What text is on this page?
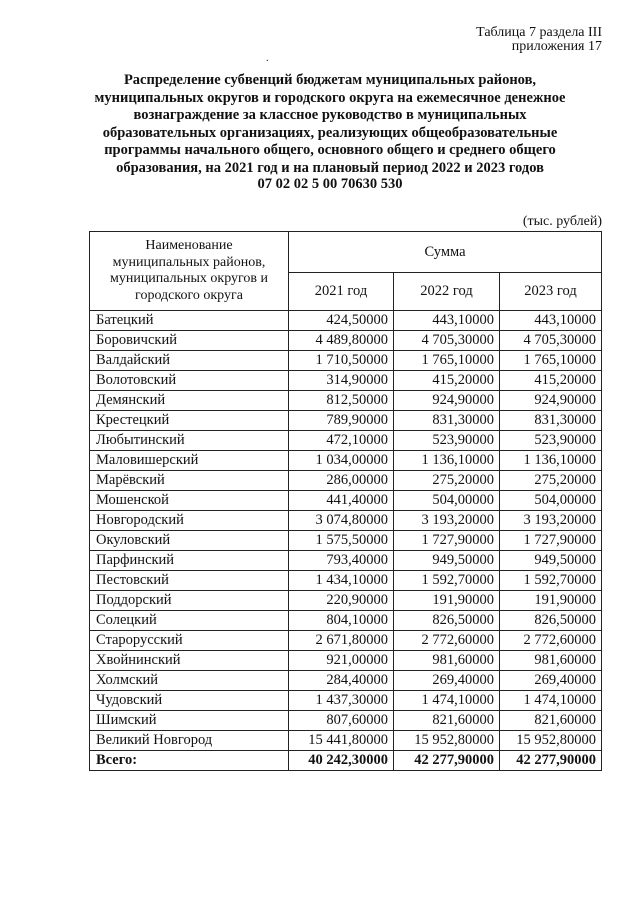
Таблица 7 раздела III
приложения 17
.
Распределение субвенций бюджетам муниципальных районов,
муниципальных округов и городского округа на ежемесячное денежное
вознаграждение за классное руководство в муниципальных
образовательных организациях, реализующих общеобразовательные
программы начального общего, основного общего и среднего общего
образования, на 2021 год и на плановый период 2022 и 2023 годов
07 02 02 5 00 70630 530
(тыс. рублей)
Наименование
муниципальных районов,
муниципальных округов и
городского округа	Сумма		
	2021 год	2022 год	2023 год
Батецкий	424,50000	443,10000	443,10000
Боровичский	4 489,80000	4 705,30000	4 705,30000
Валдайский	1 710,50000	1 765,10000	1 765,10000
Волотовский	314,90000	415,20000	415,20000
Демянский	812,50000	924,90000	924,90000
Крестецкий	789,90000	831,30000	831,30000
Любытинский	472,10000	523,90000	523,90000
Маловишерский	1 034,00000	1 136,10000	1 136,10000
Марёвский	286,00000	275,20000	275,20000
Мошенской	441,40000	504,00000	504,00000
Новгородский	3 074,80000	3 193,20000	3 193,20000
Окуловский	1 575,50000	1 727,90000	1 727,90000
Парфинский	793,40000	949,50000	949,50000
Пестовский	1 434,10000	1 592,70000	1 592,70000
Поддорский	220,90000	191,90000	191,90000
Солецкий	804,10000	826,50000	826,50000
Старорусский	2 671,80000	2 772,60000	2 772,60000
Хвойнинский	921,00000	981,60000	981,60000
Холмский	284,40000	269,40000	269,40000
Чудовский	1 437,30000	1 474,10000	1 474,10000
Шимский	807,60000	821,60000	821,60000
Великий Новгород	15 441,80000	15 952,80000	15 952,80000
Всего:	40 242,30000	42 277,90000	42 277,90000
